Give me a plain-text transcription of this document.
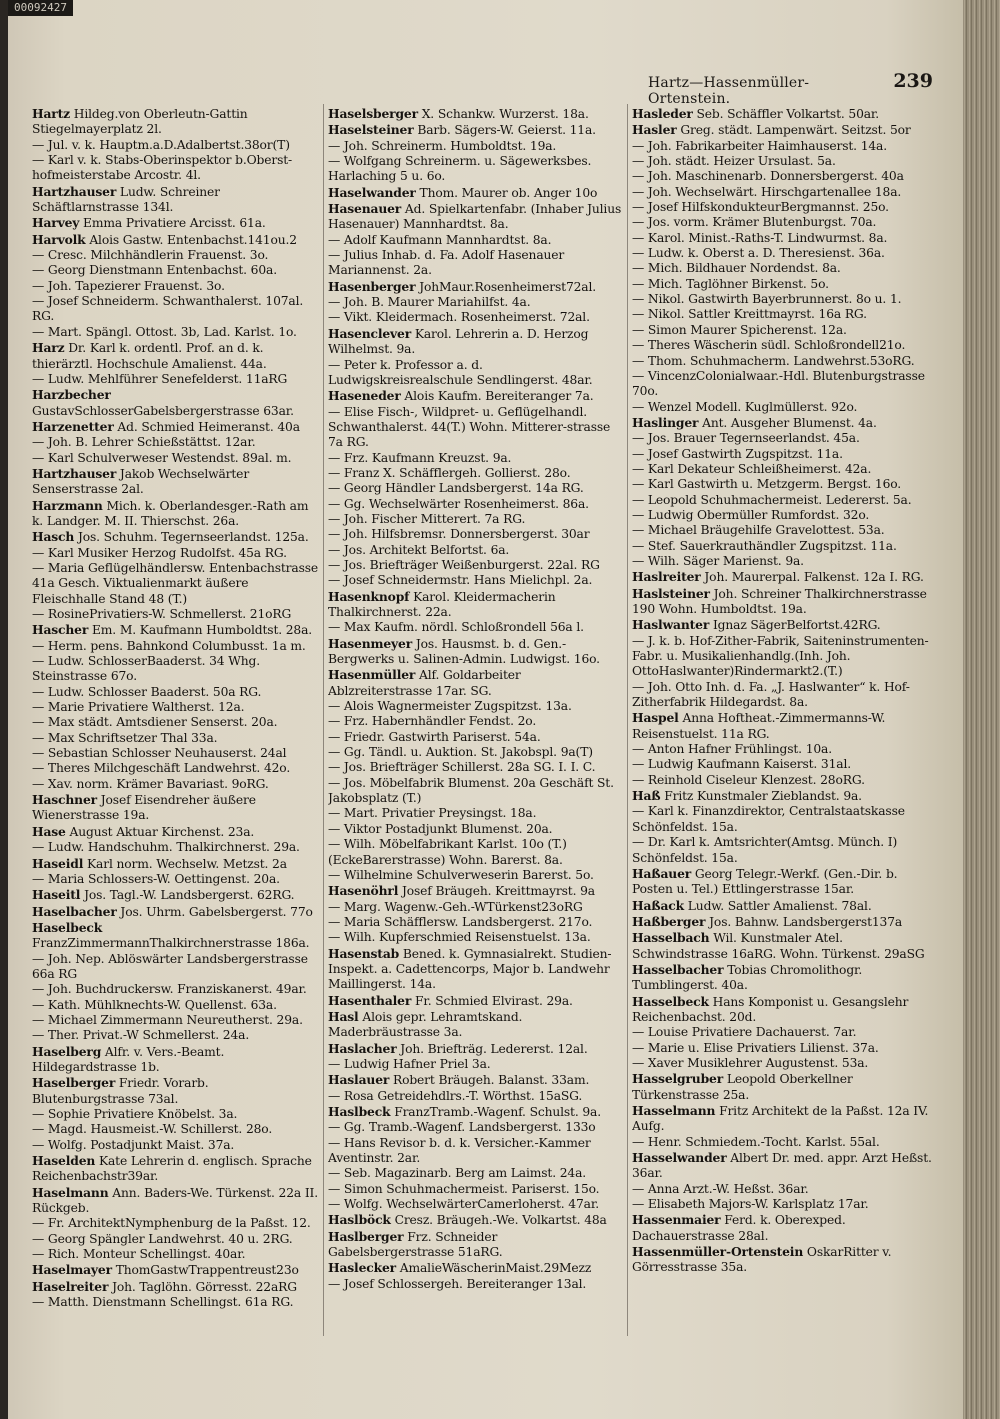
00092427
Hartz—Hassenmüller-Ortenstein.
239

Hartz Hildeg.von Oberleutn-Gattin Stiegelmayerplatz 2l.

— Jul. v. k. Hauptm.a.D.Adalbertst.38or(T)

— Karl v. k. Stabs-Oberinspektor b.Oberst-hofmeisterstabe Arcostr. 4l.

Hartzhauser Ludw. Schreiner Schäftlarnstrasse 134l.

Harvey Emma Privatiere Arcisst. 61a.

Harvolk Alois Gastw. Entenbachst.141ou.2

— Cresc. Milchhändlerin Frauenst. 3o.

— Georg Dienstmann Entenbachst. 60a.

— Joh. Tapezierer Frauenst. 3o.

— Josef Schneiderm. Schwanthalerst. 107al. RG.

— Mart. Spängl. Ottost. 3b, Lad. Karlst. 1o.

Harz Dr. Karl k. ordentl. Prof. an d. k. thierärztl. Hochschule Amalienst. 44a.

— Ludw. Mehlführer Senefelderst. 11aRG

Harzbecher GustavSchlosserGabelsbergerstrasse 63ar.

Harzenetter Ad. Schmied Heimeranst. 40a

— Joh. B. Lehrer Schießstättst. 12ar.

— Karl Schulverweser Westendst. 89al. m.

Hartzhauser Jakob Wechselwärter Senserstrasse 2al.

Harzmann Mich. k. Oberlandesger.-Rath am k. Landger. M. II. Thierschst. 26a.

Hasch Jos. Schuhm. Tegernseerlandst. 125a.

— Karl Musiker Herzog Rudolfst. 45a RG.

— Maria Geflügelhändlersw. Entenbachstrasse 41a Gesch. Viktualienmarkt äußere Fleischhalle Stand 48 (T.)

— RosinePrivatiers-W. Schmellerst. 21oRG

Hascher Em. M. Kaufmann Humboldtst. 28a.

— Herm. pens. Bahnkond Columbusst. 1a m.

— Ludw. SchlosserBaaderst. 34 Whg. Steinstrasse 67o.

— Ludw. Schlosser Baaderst. 50a RG.

— Marie Privatiere Waltherst. 12a.

— Max städt. Amtsdiener Senserst. 20a.

— Max Schriftsetzer Thal 33a.

— Sebastian Schlosser Neuhauserst. 24al

— Theres Milchgeschäft Landwehrst. 42o.

— Xav. norm. Krämer Bavariast. 9oRG.

Haschner Josef Eisendreher äußere Wienerstrasse 19a.

Hase August Aktuar Kirchenst. 23a.

— Ludw. Handschuhm. Thalkirchnerst. 29a.

Haseidl Karl norm. Wechselw. Metzst. 2a

— Maria Schlossers-W. Oettingenst. 20a.

Haseitl Jos. Tagl.-W. Landsbergerst. 62RG.

Haselbacher Jos. Uhrm. Gabelsbergerst. 77o

Haselbeck FranzZimmermannThalkirchnerstrasse 186a.

— Joh. Nep. Ablöswärter Landsbergerstrasse 66a RG

— Joh. Buchdruckersw. Franziskanerst. 49ar.

— Kath. Mühlknechts-W. Quellenst. 63a.

— Michael Zimmermann Neureutherst. 29a.

— Ther. Privat.-W Schmellerst. 24a.

Haselberg Alfr. v. Vers.-Beamt. Hildegardstrasse 1b.

Haselberger Friedr. Vorarb. Blutenburgstrasse 73al.

— Sophie Privatiere Knöbelst. 3a.

— Magd. Hausmeist.-W. Schillerst. 28o.

— Wolfg. Postadjunkt Maist. 37a.

Haselden Kate Lehrerin d. englisch. Sprache Reichenbachstr39ar.

Haselmann Ann. Baders-We. Türkenst. 22a II. Rückgeb.

— Fr. ArchitektNymphenburg de la Paßst. 12.

— Georg Spängler Landwehrst. 40 u. 2RG.

— Rich. Monteur Schellingst. 40ar.

Haselmayer ThomGastwTrappentreust23o

Haselreiter Joh. Taglöhn. Görresst. 22aRG

— Matth. Dienstmann Schellingst. 61a RG.

Haselsberger X. Schankw. Wurzerst. 18a.

Haselsteiner Barb. Sägers-W. Geierst. 11a.

— Joh. Schreinerm. Humboldtst. 19a.

— Wolfgang Schreinerm. u. Sägewerksbes. Harlaching 5 u. 6o.

Haselwander Thom. Maurer ob. Anger 10o

Hasenauer Ad. Spielkartenfabr. (Inhaber Julius Hasenauer) Mannhardtst. 8a.

— Adolf Kaufmann Mannhardtst. 8a.

— Julius Inhab. d. Fa. Adolf Hasenauer Mariannenst. 2a.

Hasenberger JohMaur.Rosenheimerst72al.

— Joh. B. Maurer Mariahilfst. 4a.

— Vikt. Kleidermach. Rosenheimerst. 72al.

Hasenclever Karol. Lehrerin a. D. Herzog Wilhelmst. 9a.

— Peter k. Professor a. d. Ludwigskreisrealschule Sendlingerst. 48ar.

Haseneder Alois Kaufm. Bereiteranger 7a.

— Elise Fisch-, Wildpret- u. Geflügelhandl. Schwanthalerst. 44(T.) Wohn. Mitterer-strasse 7a RG.

— Frz. Kaufmann Kreuzst. 9a.

— Franz X. Schäfflergeh. Gollierst. 28o.

— Georg Händler Landsbergerst. 14a RG.

— Gg. Wechselwärter Rosenheimerst. 86a.

— Joh. Fischer Mitterert. 7a RG.

— Joh. Hilfsbremsr. Donnersbergerst. 30ar

— Jos. Architekt Belfortst. 6a.

— Jos. Briefträger Weißenburgerst. 22al. RG

— Josef Schneidermstr. Hans Mielichpl. 2a.

Hasenknopf Karol. Kleidermacherin Thalkirchnerst. 22a.

— Max Kaufm. nördl. Schloßrondell 56a l.

Hasenmeyer Jos. Hausmst. b. d. Gen.-Bergwerks u. Salinen-Admin. Ludwigst. 16o.

Hasenmüller Alf. Goldarbeiter Ablzreiterstrasse 17ar. SG.

— Alois Wagnermeister Zugspitzst. 13a.

— Frz. Habernhändler Fendst. 2o.

— Friedr. Gastwirth Pariserst. 54a.

— Gg. Tändl. u. Auktion. St. Jakobspl. 9a(T)

— Jos. Briefträger Schillerst. 28a SG. I. I. C.

— Jos. Möbelfabrik Blumenst. 20a Geschäft St. Jakobsplatz (T.)

— Mart. Privatier Preysingst. 18a.

— Viktor Postadjunkt Blumenst. 20a.

— Wilh. Möbelfabrikant Karlst. 10o (T.) (EckeBarerstrasse) Wohn. Barerst. 8a.

— Wilhelmine Schulverweserin Barerst. 5o.

Hasenöhrl Josef Bräugeh. Kreittmayrst. 9a

— Marg. Wagenw.-Geh.-WTürkenst23oRG

— Maria Schäfflersw. Landsbergerst. 217o.

— Wilh. Kupferschmied Reisenstuelst. 13a.

Hasenstab Bened. k. Gymnasialrekt. Studien-Inspekt. a. Cadettencorps, Major b. Landwehr Maillingerst. 14a.

Hasenthaler Fr. Schmied Elvirast. 29a.

Hasl Alois gepr. Lehramtskand. Maderbräustrasse 3a.

Haslacher Joh. Briefträg. Ledererst. 12al.

— Ludwig Hafner Priel 3a.

Haslauer Robert Bräugeh. Balanst. 33am.

— Rosa Getreidehdlrs.-T. Wörthst. 15aSG.

Haslbeck FranzTramb.-Wagenf. Schulst. 9a.

— Gg. Tramb.-Wagenf. Landsbergerst. 133o

— Hans Revisor b. d. k. Versicher.-Kammer Aventinstr. 2ar.

— Seb. Magazinarb. Berg am Laimst. 24a.

— Simon Schuhmachermeist. Pariserst. 15o.

— Wolfg. WechselwärterCamerloherst. 47ar.

Haslböck Cresz. Bräugeh.-We. Volkartst. 48a

Haslberger Frz. Schneider Gabelsbergerstrasse 51aRG.

Haslecker AmalieWäscherinMaist.29Mezz

— Josef Schlossergeh. Bereiteranger 13al.

Hasleder Seb. Schäffler Volkartst. 50ar.

Hasler Greg. städt. Lampenwärt. Seitzst. 5or

— Joh. Fabrikarbeiter Haimhauserst. 14a.

— Joh. städt. Heizer Ursulast. 5a.

— Joh. Maschinenarb. Donnersbergerst. 40a

— Joh. Wechselwärt. Hirschgartenallee 18a.

— Josef HilfskondukteurBergmannst. 25o.

— Jos. vorm. Krämer Blutenburgst. 70a.

— Karol. Minist.-Raths-T. Lindwurmst. 8a.

— Ludw. k. Oberst a. D. Theresienst. 36a.

— Mich. Bildhauer Nordendst. 8a.

— Mich. Taglöhner Birkenst. 5o.

— Nikol. Gastwirth Bayerbrunnerst. 8o u. 1.

— Nikol. Sattler Kreittmayrst. 16a RG.

— Simon Maurer Spicherenst. 12a.

— Theres Wäscherin südl. Schloßrondell21o.

— Thom. Schuhmacherm. Landwehrst.53oRG.

— VincenzColonialwaar.-Hdl. Blutenburgstrasse 70o.

— Wenzel Modell. Kuglmüllerst. 92o.

Haslinger Ant. Ausgeher Blumenst. 4a.

— Jos. Brauer Tegernseerlandst. 45a.

— Josef Gastwirth Zugspitzst. 11a.

— Karl Dekateur Schleißheimerst. 42a.

— Karl Gastwirth u. Metzgerm. Bergst. 16o.

— Leopold Schuhmachermeist. Ledererst. 5a.

— Ludwig Obermüller Rumfordst. 32o.

— Michael Bräugehilfe Gravelottest. 53a.

— Stef. Sauerkrauthändler Zugspitzst. 11a.

— Wilh. Säger Marienst. 9a.

Haslreiter Joh. Maurerpal. Falkenst. 12a I. RG.

Haslsteiner Joh. Schreiner Thalkirchnerstrasse 190 Wohn. Humboldtst. 19a.

Haslwanter Ignaz SägerBelfortst.42RG.

— J. k. b. Hof-Zither-Fabrik, Saiteninstrumenten-Fabr. u. Musikalienhandlg.(Inh. Joh. OttoHaslwanter)Rindermarkt2.(T.)

— Joh. Otto Inh. d. Fa. „J. Haslwanter“ k. Hof-Zitherfabrik Hildegardst. 8a.

Haspel Anna Hoftheat.-Zimmermanns-W. Reisenstuelst. 11a RG.

— Anton Hafner Frühlingst. 10a.

— Ludwig Kaufmann Kaiserst. 31al.

— Reinhold Ciseleur Klenzest. 28oRG.

Haß Fritz Kunstmaler Zieblandst. 9a.

— Karl k. Finanzdirektor, Centralstaatskasse Schönfeldst. 15a.

— Dr. Karl k. Amtsrichter(Amtsg. Münch. I) Schönfeldst. 15a.

Haßauer Georg Telegr.-Werkf. (Gen.-Dir. b. Posten u. Tel.) Ettlingerstrasse 15ar.

Haßack Ludw. Sattler Amalienst. 78al.

Haßberger Jos. Bahnw. Landsbergerst137a

Hasselbach Wil. Kunstmaler Atel. Schwindstrasse 16aRG. Wohn. Türkenst. 29aSG

Hasselbacher Tobias Chromolithogr. Tumblingerst. 40a.

Hasselbeck Hans Komponist u. Gesangslehr Reichenbachst. 20d.

— Louise Privatiere Dachauerst. 7ar.

— Marie u. Elise Privatiers Lilienst. 37a.

— Xaver Musiklehrer Augustenst. 53a.

Hasselgruber Leopold Oberkellner Türkenstrasse 25a.

Hasselmann Fritz Architekt de la Paßst. 12a IV. Aufg.

— Henr. Schmiedem.-Tocht. Karlst. 55al.

Hasselwander Albert Dr. med. appr. Arzt Heßst. 36ar.

— Anna Arzt.-W. Heßst. 36ar.

— Elisabeth Majors-W. Karlsplatz 17ar.

Hassenmaier Ferd. k. Oberexped. Dachauerstrasse 28al.

Hassenmüller-Ortenstein OskarRitter v. Görresstrasse 35a.
